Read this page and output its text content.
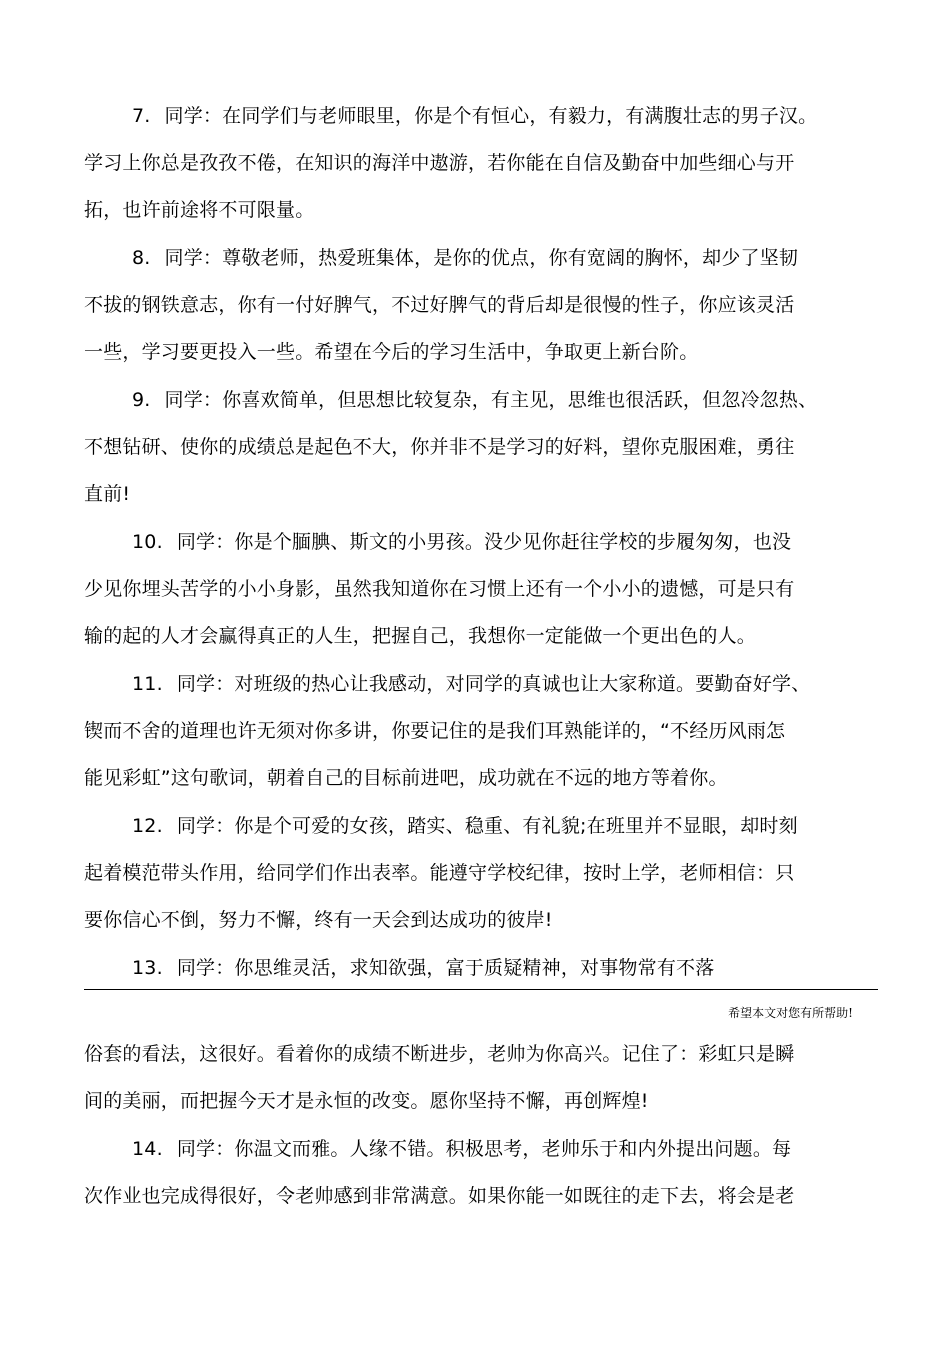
7. 同学：在同学们与老师眼里，你是个有恒心，有毅力，有满腹壮志的男子汉。
学习上你总是孜孜不倦，在知识的海洋中遨游，若你能在自信及勤奋中加些细心与开
拓，也许前途将不可限量。
8. 同学：尊敬老师，热爱班集体，是你的优点，你有宽阔的胸怀，却少了坚韧
不拔的钢铁意志，你有一付好脾气，不过好脾气的背后却是很慢的性子，你应该灵活
一些，学习要更投入一些。希望在今后的学习生活中，争取更上新台阶。
9. 同学：你喜欢简单，但思想比较复杂，有主见，思维也很活跃，但忽冷忽热、
不想钻研、使你的成绩总是起色不大，你并非不是学习的好料，望你克服困难，勇往
直前!
10. 同学：你是个腼腆、斯文的小男孩。没少见你赶往学校的步履匆匆，也没
少见你埋头苦学的小小身影，虽然我知道你在习惯上还有一个小小的遗憾，可是只有
输的起的人才会赢得真正的人生，把握自己，我想你一定能做一个更出色的人。
11. 同学：对班级的热心让我感动，对同学的真诚也让大家称道。要勤奋好学、
锲而不舍的道理也许无须对你多讲，你要记住的是我们耳熟能详的，“不经历风雨怎
能见彩虹”这句歌词，朝着自己的目标前进吧，成功就在不远的地方等着你。
12. 同学：你是个可爱的女孩，踏实、稳重、有礼貌;在班里并不显眼，却时刻
起着模范带头作用，给同学们作出表率。能遵守学校纪律，按时上学，老师相信：只
要你信心不倒，努力不懈，终有一天会到达成功的彼岸!
13. 同学：你思维灵活，求知欲强，富于质疑精神，对事物常有不落
希望本文对您有所帮助!
俗套的看法，这很好。看着你的成绩不断进步，老帅为你高兴。记住了：彩虹只是瞬
间的美丽，而把握今天才是永恒的改变。愿你坚持不懈，再创辉煌!
14. 同学：你温文而雅。人缘不错。积极思考，老帅乐于和内外提出问题。每
次作业也完成得很好，令老帅感到非常满意。如果你能一如既往的走下去，将会是老
